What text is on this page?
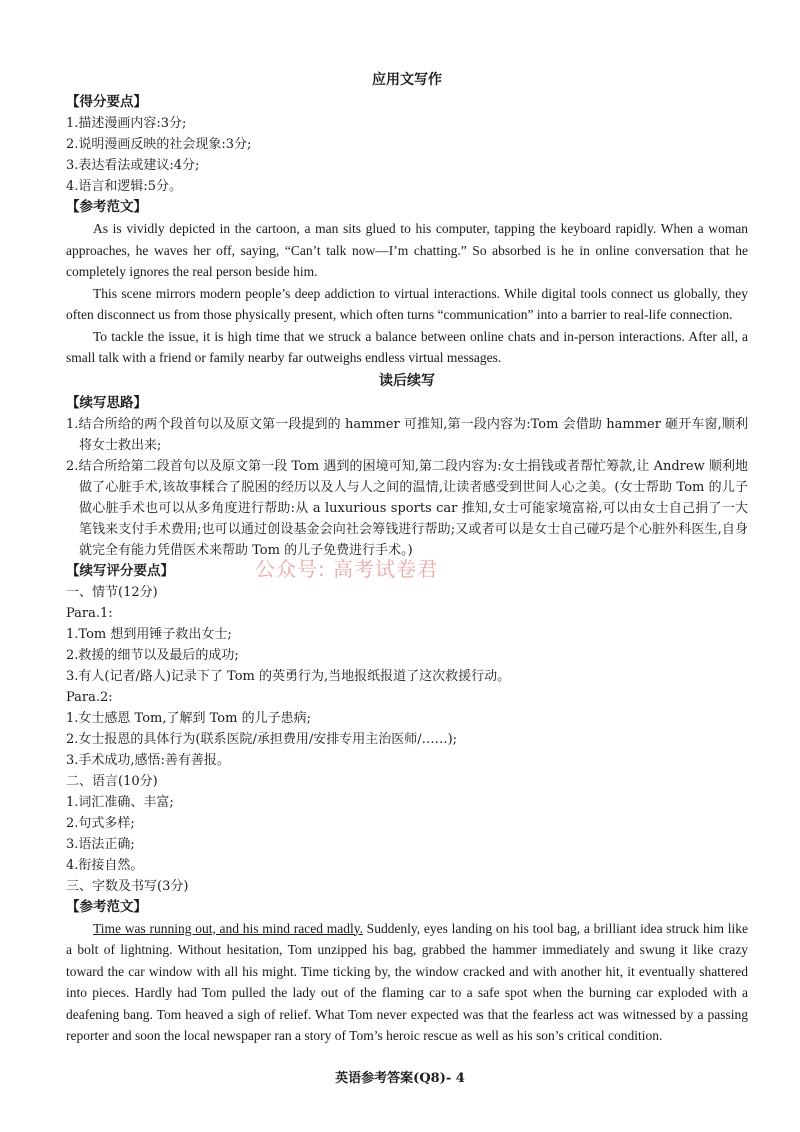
应用文写作

【得分要点】

1.描述漫画内容:3分;

2.说明漫画反映的社会现象:3分;

3.表达看法或建议:4分;

4.语言和逻辑:5分。

【参考范文】

As is vividly depicted in the cartoon, a man sits glued to his computer, tapping the keyboard rapidly. When a woman approaches, he waves her off, saying, “Can’t talk now—I’m chatting.” So absorbed is he in online conversation that he completely ignores the real person beside him.

This scene mirrors modern people’s deep addiction to virtual interactions. While digital tools connect us globally, they often disconnect us from those physically present, which often turns “communication” into a barrier to real-life connection.

To tackle the issue, it is high time that we struck a balance between online chats and in-person interactions. After all, a small talk with a friend or family nearby far outweighs endless virtual messages.

读后续写

【续写思路】

1.结合所给的两个段首句以及原文第一段提到的 hammer 可推知,第一段内容为:Tom 会借助 hammer 砸开车窗,顺利将女士救出来;

2.结合所给第二段首句以及原文第一段 Tom 遇到的困境可知,第二段内容为:女士捐钱或者帮忙筹款,让 Andrew 顺利地做了心脏手术,该故事糅合了脱困的经历以及人与人之间的温情,让读者感受到世间人心之美。(女士帮助 Tom 的儿子做心脏手术也可以从多角度进行帮助:从 a luxurious sports car 推知,女士可能家境富裕,可以由女士自己捐了一大笔钱来支付手术费用;也可以通过创设基金会向社会筹钱进行帮助;又或者可以是女士自己碰巧是个心脏外科医生,自身就完全有能力凭借医术来帮助 Tom 的儿子免费进行手术。)

【续写评分要点】

一、情节(12分)

Para.1:

1.Tom 想到用锤子救出女士;

2.救援的细节以及最后的成功;

3.有人(记者/路人)记录下了 Tom 的英勇行为,当地报纸报道了这次救援行动。

Para.2:

1.女士感恩 Tom,了解到 Tom 的儿子患病;

2.女士报恩的具体行为(联系医院/承担费用/安排专用主治医师/……);

3.手术成功,感悟:善有善报。

二、语言(10分)

1.词汇准确、丰富;

2.句式多样;

3.语法正确;

4.衔接自然。

三、字数及书写(3分)

【参考范文】

Time was running out, and his mind raced madly. Suddenly, eyes landing on his tool bag, a brilliant idea struck him like a bolt of lightning. Without hesitation, Tom unzipped his bag, grabbed the hammer immediately and swung it like crazy toward the car window with all his might. Time ticking by, the window cracked and with another hit, it eventually shattered into pieces. Hardly had Tom pulled the lady out of the flaming car to a safe spot when the burning car exploded with a deafening bang. Tom heaved a sigh of relief. What Tom never expected was that the fearless act was witnessed by a passing reporter and soon the local newspaper ran a story of Tom’s heroic rescue as well as his son’s critical condition.

公众号: 高考试卷君
英语参考答案(Q8)- 4
